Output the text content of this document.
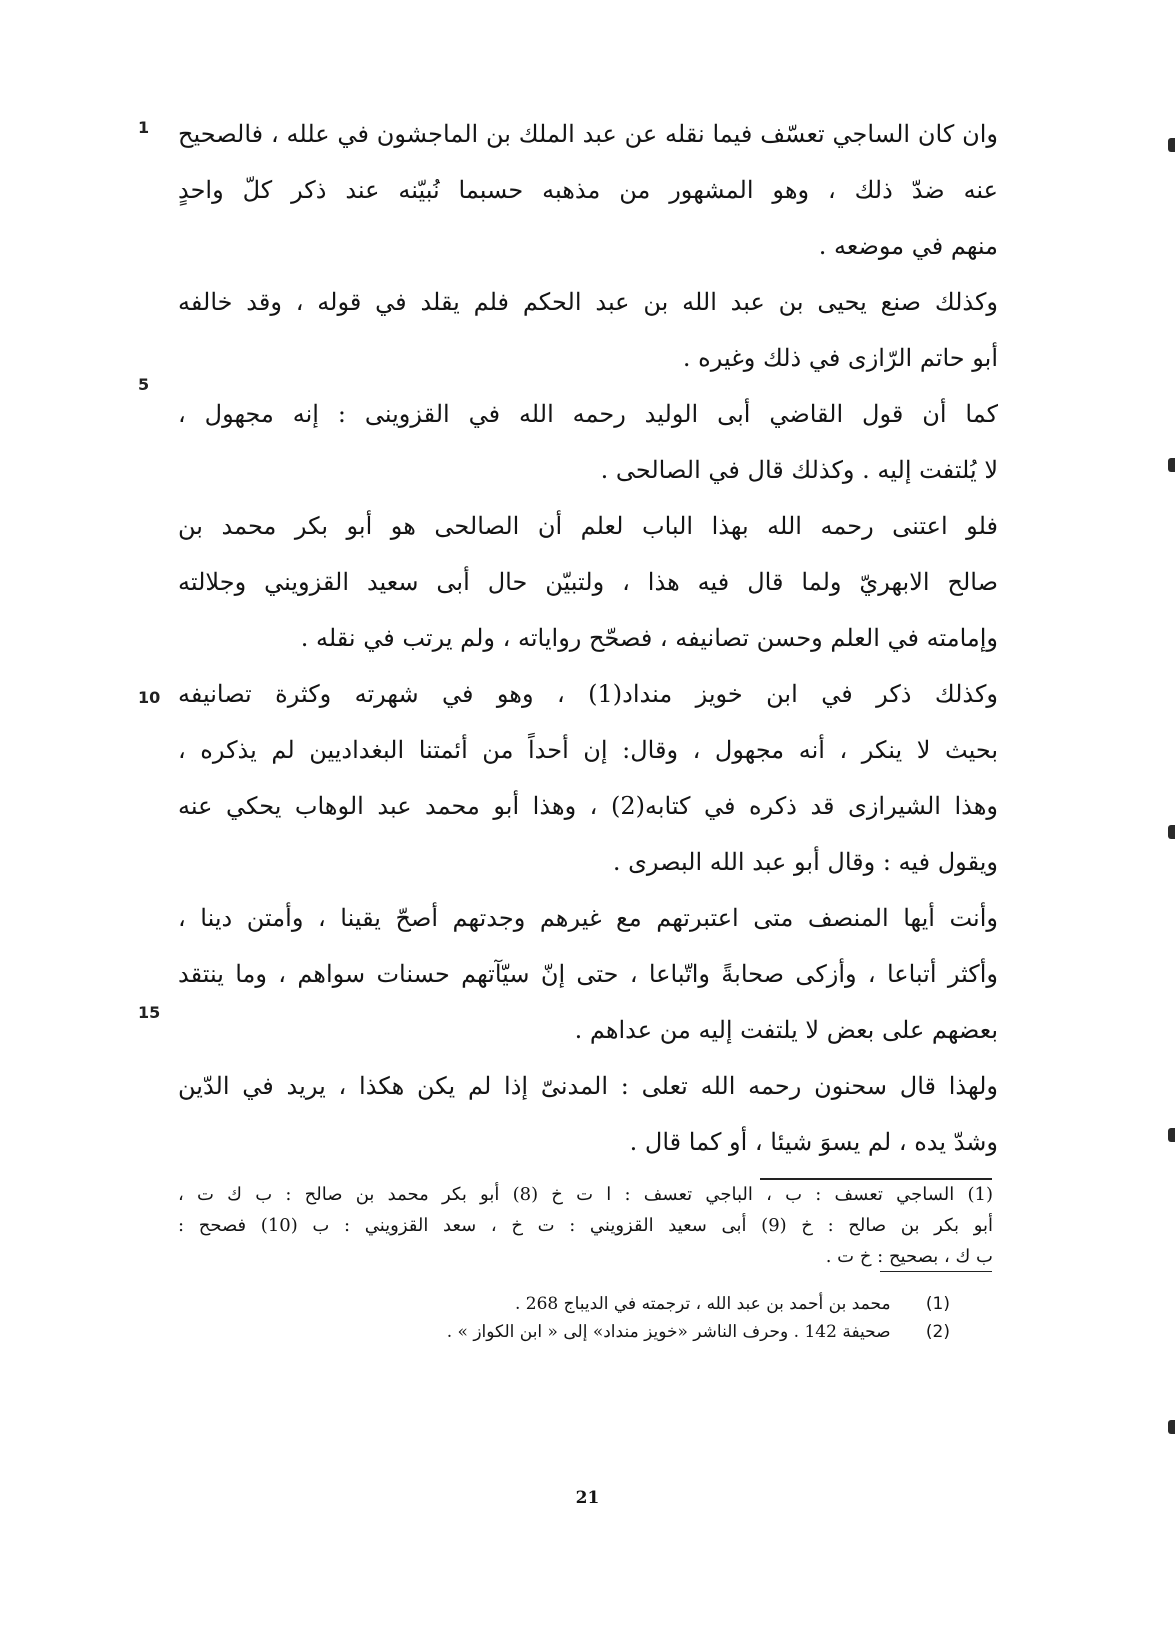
وان كان الساجي تعسّف فيما نقله عن عبد الملك بن الماجشون في علله ، فالصحيح
عنه ضدّ ذلك ، وهو المشهور من مذهبه حسبما نُبيّنه عند ذكر كلّ واحدٍ
منهم في موضعه .
وكذلك صنع يحيى بن عبد الله بن عبد الحكم فلم يقلد في قوله ، وقد خالفه
أبو حاتم الرّازى في ذلك وغيره .
كما أن قول القاضي أبى الوليد رحمه الله في القزوينى : إنه مجهول ،
لا يُلتفت إليه . وكذلك قال في الصالحى .
فلو اعتنى رحمه الله بهذا الباب لعلم أن الصالحى هو أبو بكر محمد بن
صالح الابهريّ ولما قال فيه هذا ، ولتبيّن حال أبى سعيد القزويني وجلالته
وإمامته في العلم وحسن تصانيفه ، فصحّح رواياته ، ولم يرتب في نقله .
وكذلك ذكر في ابن خويز منداد(1) ، وهو في شهرته وكثرة تصانيفه
بحيث لا ينكر ، أنه مجهول ، وقال: إن أحداً من أئمتنا البغداديين لم يذكره ،
وهذا الشيرازى قد ذكره في كتابه(2) ، وهذا أبو محمد عبد الوهاب يحكي عنه
ويقول فيه : وقال أبو عبد الله البصرى .
وأنت أيها المنصف متى اعتبرتهم مع غيرهم وجدتهم أصحّ يقينا ، وأمتن دينا ،
وأكثر أتباعا ، وأزكى صحابةً واتّباعا ، حتى إنّ سيّآتهم حسنات سواهم ، وما ينتقد
بعضهم على بعض لا يلتفت إليه من عداهم .
ولهذا قال سحنون رحمه الله تعلى : المدنىّ إذا لم يكن هكذا ، يريد في الدّين
وشدّ يده ، لم يسوَ شيئا ، أو كما قال .
1
5
10
15
(1) الساجي تعسف : ب ، الباجي تعسف : ا ت خ (8) أبو بكر محمد بن صالح : ب ك ت ،
أبو بكر بن صالح : خ (9) أبى سعيد القزويني : ت خ ، سعد القزويني : ب (10) فصحح :
ب ك ، بصحيح : خ ت .
(1) محمد بن أحمد بن عبد الله ، ترجمته في الديباج 268 .
(2) صحيفة 142 . وحرف الناشر «خويز منداد» إلى « ابن الكواز » .
21
